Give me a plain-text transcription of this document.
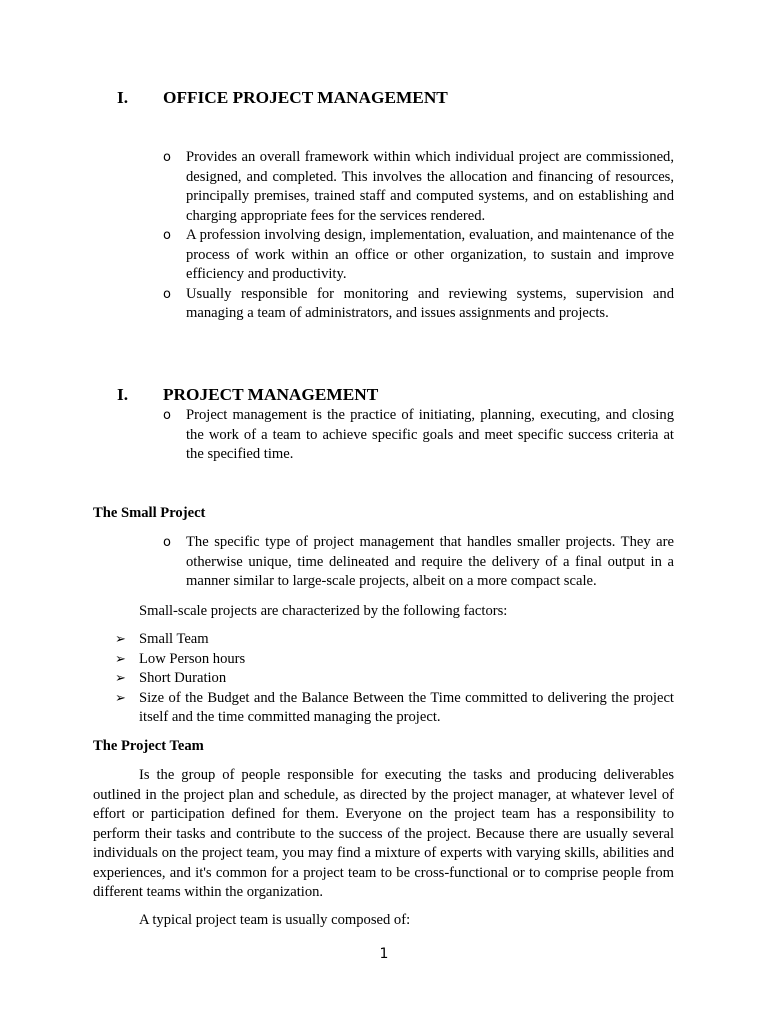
I. OFFICE PROJECT MANAGEMENT
o Provides an overall framework within which individual project are commissioned, designed, and completed. This involves the allocation and financing of resources, principally premises, trained staff and computed systems, and on establishing and charging appropriate fees for the services rendered.
o A profession involving design, implementation, evaluation, and maintenance of the process of work within an office or other organization, to sustain and improve efficiency and productivity.
o Usually responsible for monitoring and reviewing systems, supervision and managing a team of administrators, and issues assignments and projects.
I. PROJECT MANAGEMENT
o Project management is the practice of initiating, planning, executing, and closing the work of a team to achieve specific goals and meet specific success criteria at the specified time.
The Small Project
o The specific type of project management that handles smaller projects. They are otherwise unique, time delineated and require the delivery of a final output in a manner similar to large-scale projects, albeit on a more compact scale.
Small-scale projects are characterized by the following factors:
➢ Small Team
➢ Low Person hours
➢ Short Duration
➢ Size of the Budget and the Balance Between the Time committed to delivering the project itself and the time committed managing the project.
The Project Team
Is the group of people responsible for executing the tasks and producing deliverables outlined in the project plan and schedule, as directed by the project manager, at whatever level of effort or participation defined for them. Everyone on the project team has a responsibility to perform their tasks and contribute to the success of the project. Because there are usually several individuals on the project team, you may find a mixture of experts with varying skills, abilities and experiences, and it's common for a project team to be cross-functional or to comprise people from different teams within the organization.
A typical project team is usually composed of:
1
